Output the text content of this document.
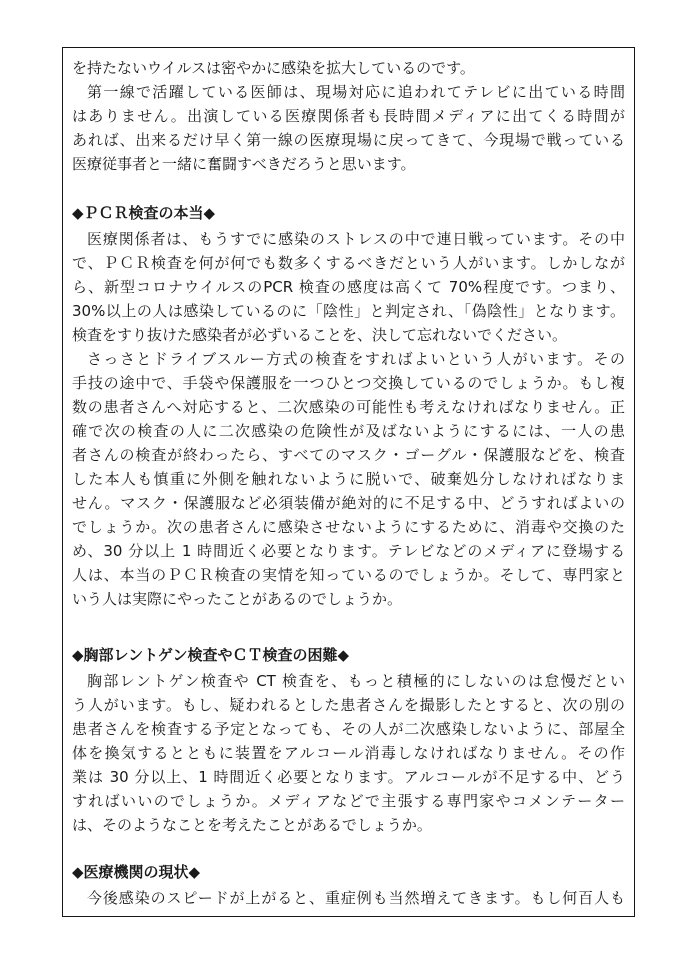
を持たないウイルスは密やかに感染を拡大しているのです。
第一線で活躍している医師は、現場対応に追われてテレビに出ている時間
はありません。出演している医療関係者も長時間メディアに出てくる時間が
あれば、出来るだけ早く第一線の医療現場に戻ってきて、今現場で戦っている
医療従事者と一緒に奮闘すべきだろうと思います。
◆ＰＣＲ検査の本当◆
医療関係者は、もうすでに感染のストレスの中で連日戦っています。その中
で、ＰＣＲ検査を何が何でも数多くするべきだという人がいます。しかしなが
ら、新型コロナウイルスのPCR 検査の感度は高くて 70%程度です。つまり、
30%以上の人は感染しているのに「陰性」と判定され、「偽陰性」となります。
検査をすり抜けた感染者が必ずいることを、決して忘れないでください。
さっさとドライブスルー方式の検査をすればよいという人がいます。その
手技の途中で、手袋や保護服を一つひとつ交換しているのでしょうか。もし複
数の患者さんへ対応すると、二次感染の可能性も考えなければなりません。正
確で次の検査の人に二次感染の危険性が及ばないようにするには、一人の患
者さんの検査が終わったら、すべてのマスク・ゴーグル・保護服などを、検査
した本人も慎重に外側を触れないように脱いで、破棄処分しなければなりま
せん。マスク・保護服など必須装備が絶対的に不足する中、どうすればよいの
でしょうか。次の患者さんに感染させないようにするために、消毒や交換のた
め、30 分以上 1 時間近く必要となります。テレビなどのメディアに登場する
人は、本当のＰＣＲ検査の実情を知っているのでしょうか。そして、専門家と
いう人は実際にやったことがあるのでしょうか。
◆胸部レントゲン検査やＣＴ検査の困難◆
胸部レントゲン検査や CT 検査を、もっと積極的にしないのは怠慢だとい
う人がいます。もし、疑われるとした患者さんを撮影したとすると、次の別の
患者さんを検査する予定となっても、その人が二次感染しないように、部屋全
体を換気するとともに装置をアルコール消毒しなければなりません。その作
業は 30 分以上、1 時間近く必要となります。アルコールが不足する中、どう
すればいいのでしょうか。メディアなどで主張する専門家やコメンテーター
は、そのようなことを考えたことがあるでしょうか。
◆医療機関の現状◆
今後感染のスピードが上がると、重症例も当然増えてきます。もし何百人も
